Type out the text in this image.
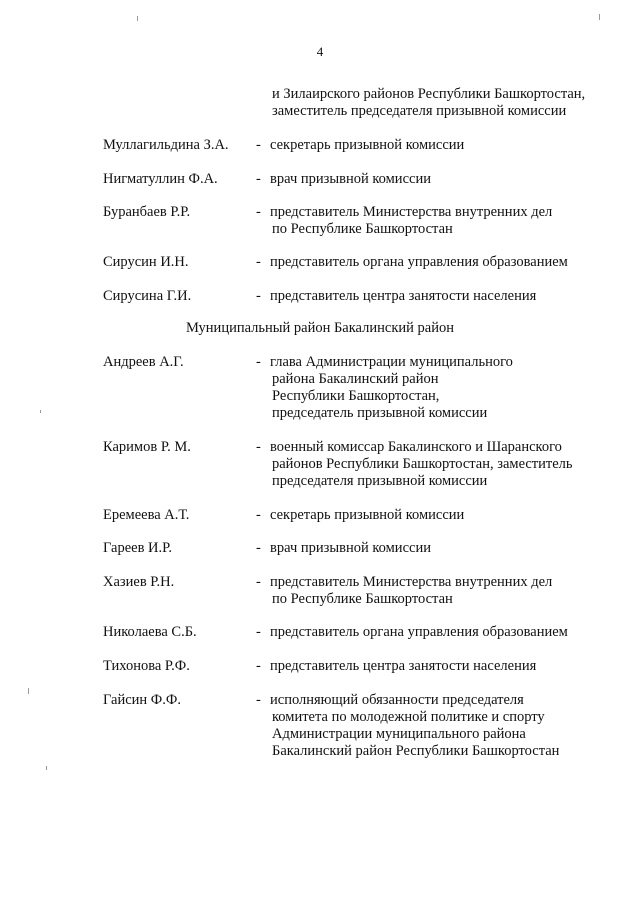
4
и Зилаирского районов Республики Башкортостан,
заместитель председателя призывной комиссии
Муллагильдина З.А. - секретарь призывной комиссии
Нигматуллин Ф.А.	- врач призывной комиссии
Буранбаев Р.Р.	- представитель Министерства внутренних дел
по Республике Башкортостан
Сирусин И.Н.	- представитель органа управления образованием
Сирусина Г.И.	- представитель центра занятости населения
Муниципальный район Бакалинский район
Андреев А.Г.	- глава Администрации муниципального
района Бакалинский район
Республики Башкортостан,
председатель призывной комиссии
Каримов Р. М.	- военный комиссар Бакалинского и Шаранского
районов Республики Башкортостан, заместитель
председателя призывной комиссии
Еремеева А.Т.	- секретарь призывной комиссии
Гареев И.Р.	- врач призывной комиссии
Хазиев Р.Н.	- представитель Министерства внутренних дел
по Республике Башкортостан
Николаева С.Б.	- представитель органа управления образованием
Тихонова Р.Ф.	- представитель центра занятости населения
Гайсин Ф.Ф.	- исполняющий обязанности председателя
комитета по молодежной политике и спорту
Администрации муниципального района
Бакалинский район Республики Башкортостан
